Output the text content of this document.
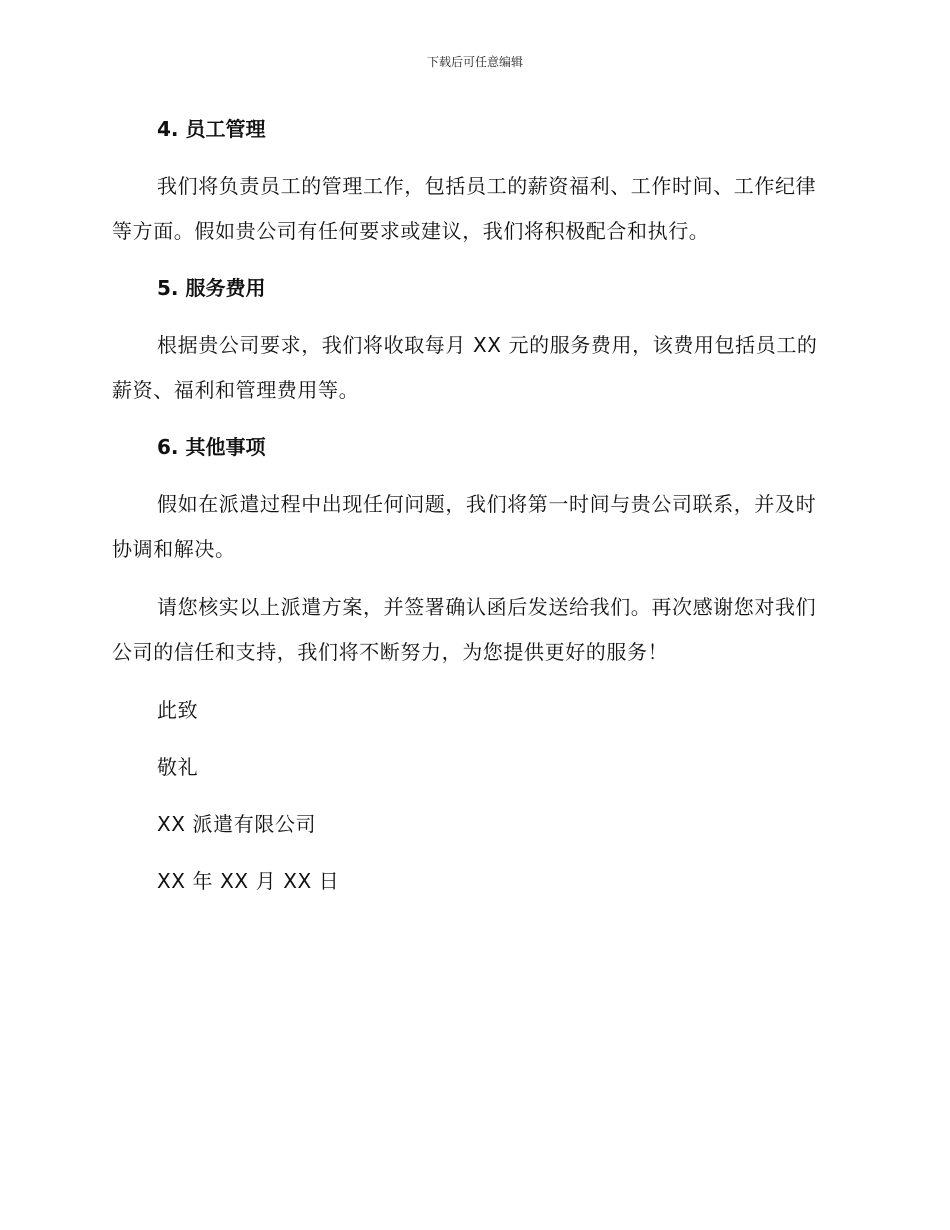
下载后可任意编辑
4. 员工管理
我们将负责员工的管理工作，包括员工的薪资福利、工作时间、工作纪律等方面。假如贵公司有任何要求或建议，我们将积极配合和执行。
5. 服务费用
根据贵公司要求，我们将收取每月 XX 元的服务费用，该费用包括员工的薪资、福利和管理费用等。
6. 其他事项
假如在派遣过程中出现任何问题，我们将第一时间与贵公司联系，并及时协调和解决。
请您核实以上派遣方案，并签署确认函后发送给我们。再次感谢您对我们公司的信任和支持，我们将不断努力，为您提供更好的服务！
此致
敬礼
XX 派遣有限公司
XX 年 XX 月 XX 日
